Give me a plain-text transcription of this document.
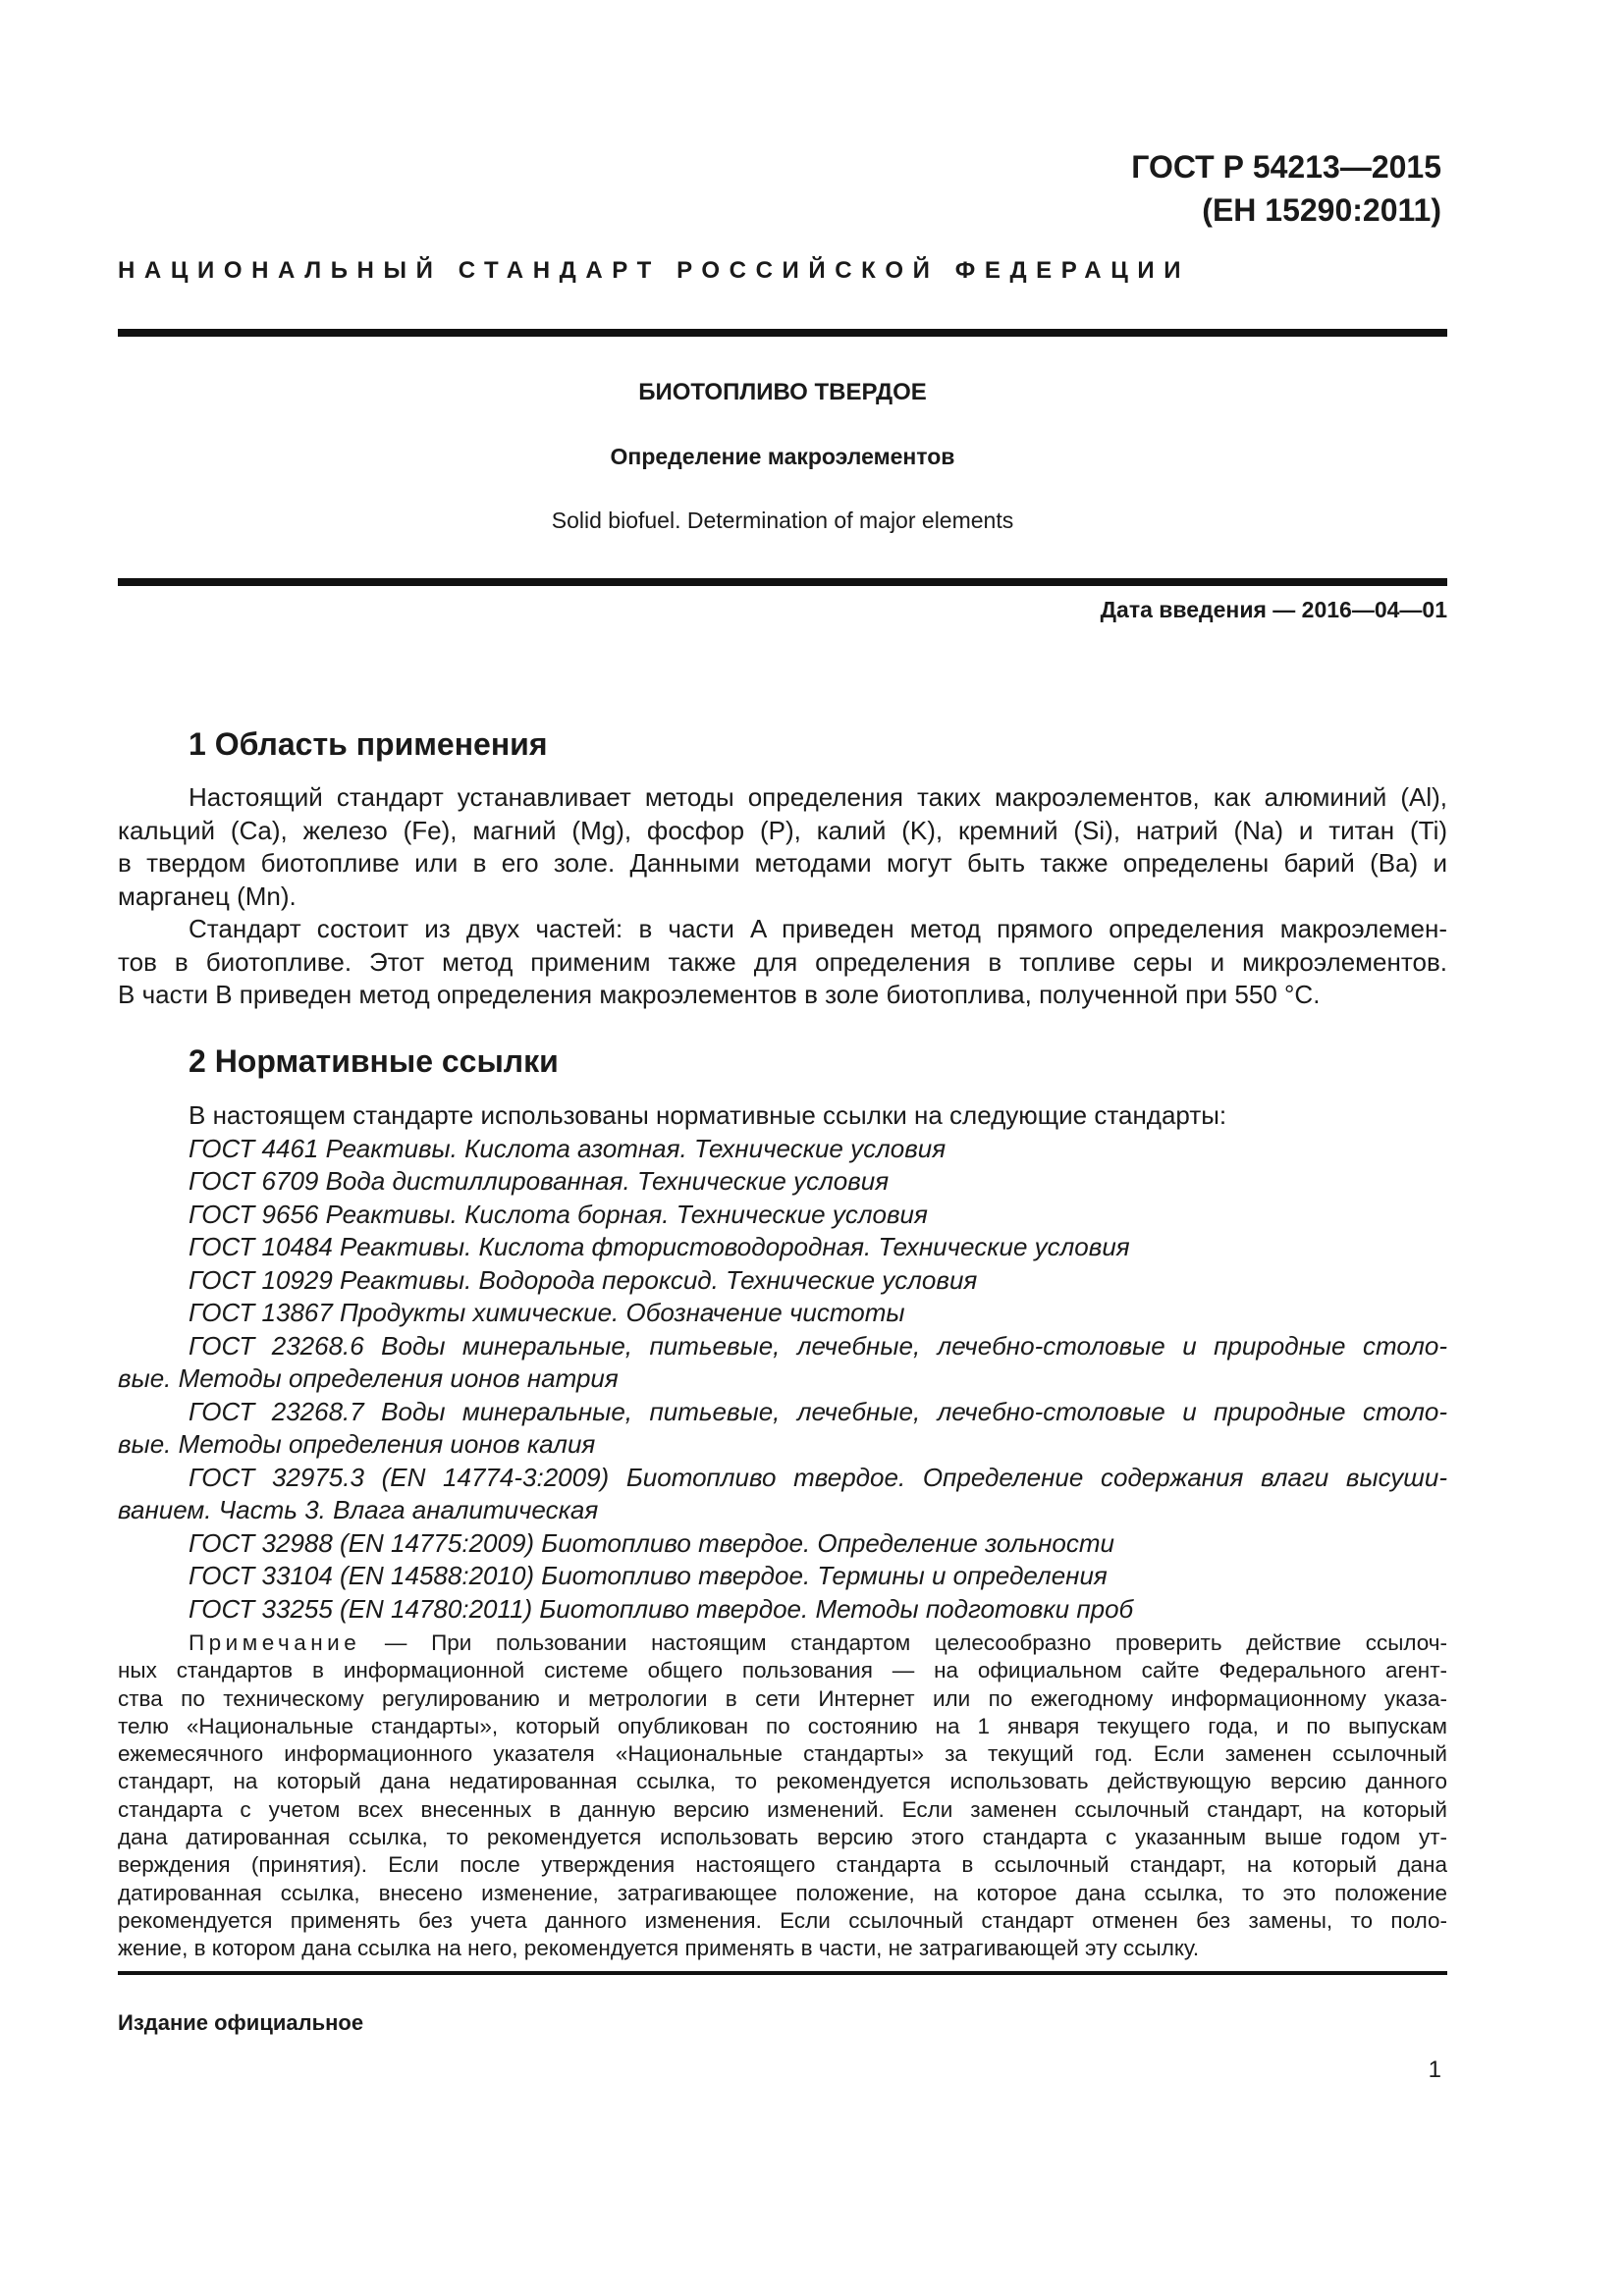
ГОСТ Р 54213—2015
(ЕН 15290:2011)
НАЦИОНАЛЬНЫЙ СТАНДАРТ РОССИЙСКОЙ ФЕДЕРАЦИИ
БИОТОПЛИВО ТВЕРДОЕ
Определение макроэлементов
Solid biofuel. Determination of major elements
Дата введения — 2016—04—01
1 Область применения
Настоящий стандарт устанавливает методы определения таких макроэлементов, как алюминий (Al),
кальций (Ca), железо (Fe), магний (Mg), фосфор (P), калий (K), кремний (Si), натрий (Na) и титан (Ti)
в твердом биотопливе или в его золе. Данными методами могут быть также определены барий (Ba) и
марганец (Mn).
Стандарт состоит из двух частей: в части A приведен метод прямого определения макроэлемен-
тов в биотопливе. Этот метод применим также для определения в топливе серы и микроэлементов.
В части B приведен метод определения макроэлементов в золе биотоплива, полученной при 550 °C.
2 Нормативные ссылки
В настоящем стандарте использованы нормативные ссылки на следующие стандарты:
ГОСТ 4461 Реактивы. Кислота азотная. Технические условия
ГОСТ 6709 Вода дистиллированная. Технические условия
ГОСТ 9656 Реактивы. Кислота борная. Технические условия
ГОСТ 10484 Реактивы. Кислота фтористоводородная. Технические условия
ГОСТ 10929 Реактивы. Водорода пероксид. Технические условия
ГОСТ 13867 Продукты химические. Обозначение чистоты
ГОСТ 23268.6 Воды минеральные, питьевые, лечебные, лечебно-столовые и природные столо-
вые. Методы определения ионов натрия
ГОСТ 23268.7 Воды минеральные, питьевые, лечебные, лечебно-столовые и природные столо-
вые. Методы определения ионов калия
ГОСТ 32975.3 (EN 14774-3:2009) Биотопливо твердое. Определение содержания влаги высуши-
ванием. Часть 3. Влага аналитическая
ГОСТ 32988 (EN 14775:2009) Биотопливо твердое. Определение зольности
ГОСТ 33104 (EN 14588:2010) Биотопливо твердое. Термины и определения
ГОСТ 33255 (EN 14780:2011) Биотопливо твердое. Методы подготовки проб
Примечание — При пользовании настоящим стандартом целесообразно проверить действие ссылоч-
ных стандартов в информационной системе общего пользования — на официальном сайте Федерального агент-
ства по техническому регулированию и метрологии в сети Интернет или по ежегодному информационному указа-
телю «Национальные стандарты», который опубликован по состоянию на 1 января текущего года, и по выпускам
ежемесячного информационного указателя «Национальные стандарты» за текущий год. Если заменен ссылочный
стандарт, на который дана недатированная ссылка, то рекомендуется использовать действующую версию данного
стандарта с учетом всех внесенных в данную версию изменений. Если заменен ссылочный стандарт, на который
дана датированная ссылка, то рекомендуется использовать версию этого стандарта с указанным выше годом ут-
верждения (принятия). Если после утверждения настоящего стандарта в ссылочный стандарт, на который дана
датированная ссылка, внесено изменение, затрагивающее положение, на которое дана ссылка, то это положение
рекомендуется применять без учета данного изменения. Если ссылочный стандарт отменен без замены, то поло-
жение, в котором дана ссылка на него, рекомендуется применять в части, не затрагивающей эту ссылку.
Издание официальное
1
